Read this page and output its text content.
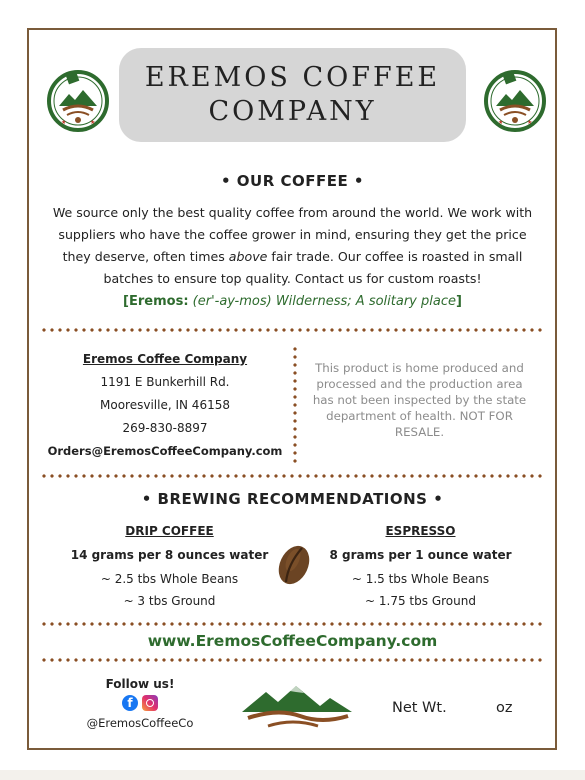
★	★	★	★
EREMOS COFFEE
COMPANY
• OUR COFFEE •
We source only the best quality coffee from around the world. We work with suppliers who have the coffee grower in mind, ensuring they get the price they deserve, often times above fair trade. Our coffee is roasted in small batches to ensure top quality. Contact us for custom roasts!
[Eremos: (er'-ay-mos) Wilderness; A solitary place]
Eremos Coffee Company
1191 E Bunkerhill Rd.
Mooresville, IN 46158
269-830-8897
Orders@EremosCoffeeCompany.com
This product is home produced and processed and the production area has not been inspected by the state department of health. NOT FOR RESALE.
• BREWING RECOMMENDATIONS •
DRIP COFFEE
14 grams per 8 ounces water
~ 2.5 tbs Whole Beans
~ 3 tbs Ground
ESPRESSO
8 grams per 1 ounce water
~ 1.5 tbs Whole Beans
~ 1.75 tbs Ground
www.EremosCoffeeCompany.com
Follow us!
f
@EremosCoffeeCo
Net Wt.	oz
